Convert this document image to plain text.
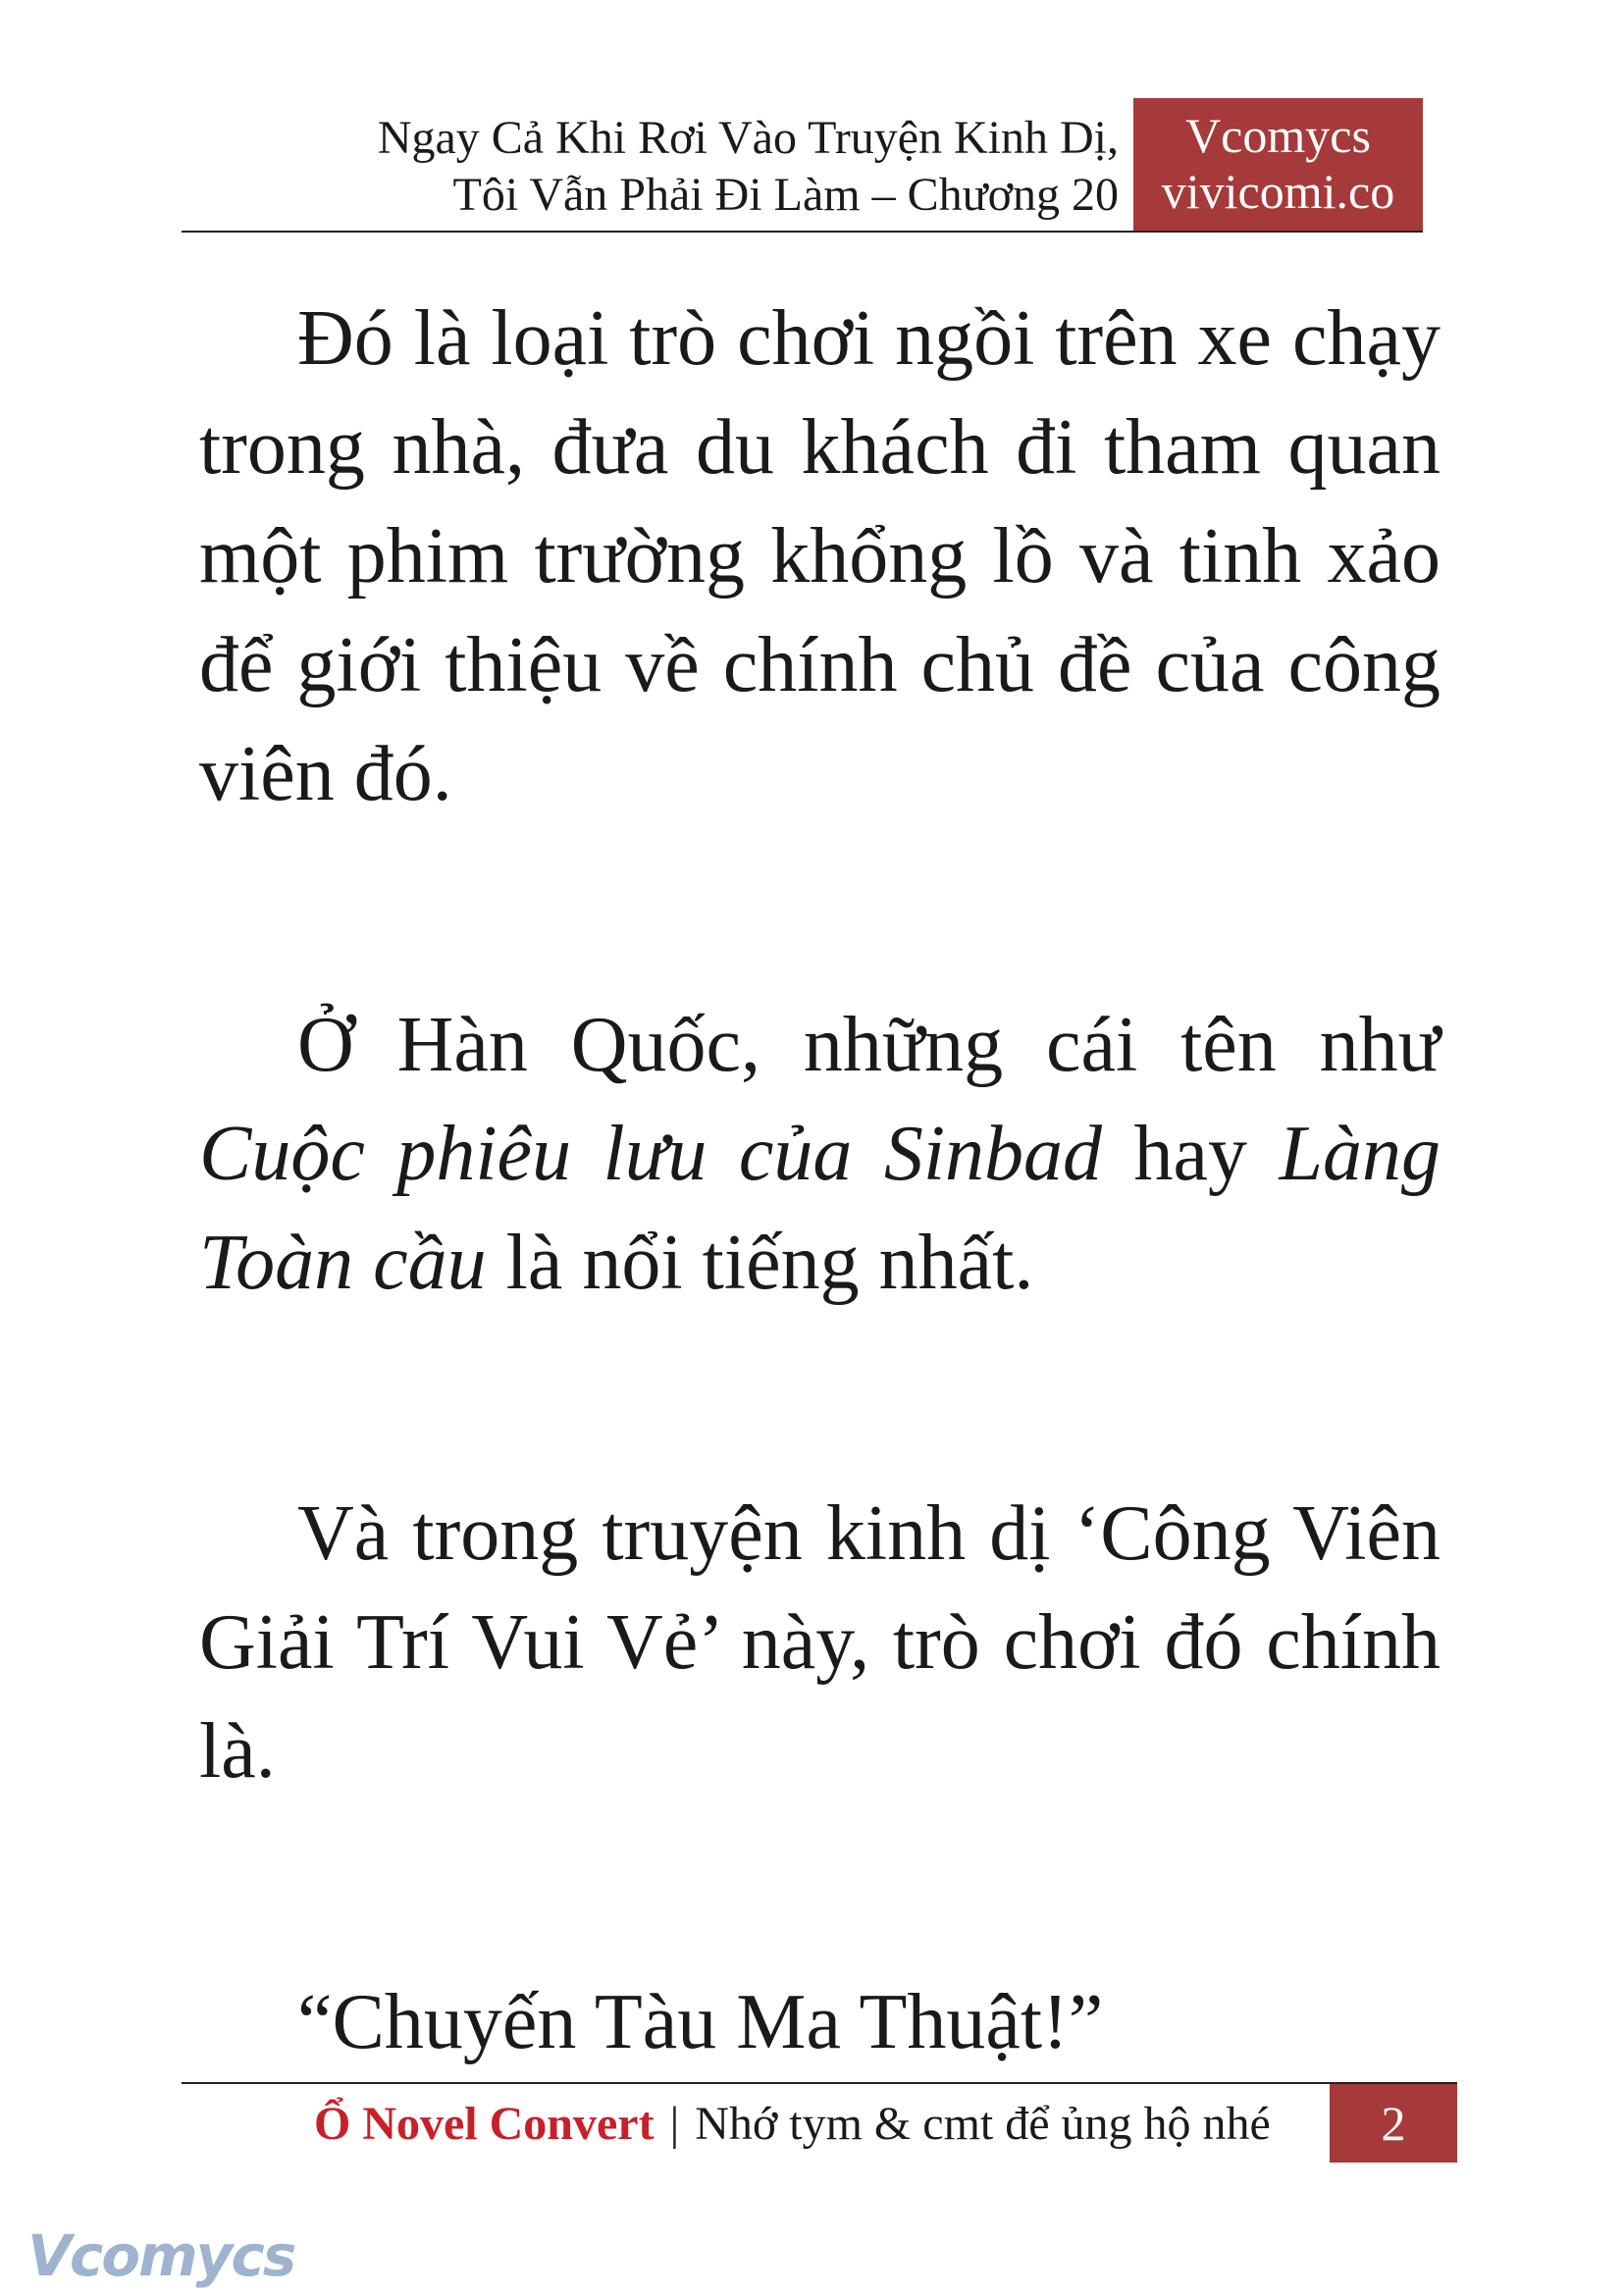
Ngay Cả Khi Rơi Vào Truyện Kinh Dị,
Tôi Vẫn Phải Đi Làm – Chương 20
Vcomycs
vivicomi.co

Đó là loại trò chơi ngồi trên xe chạy trong nhà, đưa du khách đi tham quan một phim trường khổng lồ và tinh xảo để giới thiệu về chính chủ đề của công viên đó.

Ở Hàn Quốc, những cái tên như Cuộc phiêu lưu của Sinbad hay Làng Toàn cầu là nổi tiếng nhất.

Và trong truyện kinh dị ‘Công Viên Giải Trí Vui Vẻ’ này, trò chơi đó chính là.

“Chuyến Tàu Ma Thuật!”

Ổ Novel Convert | Nhớ tym & cmt để ủng hộ nhé	2
Vcomycs
